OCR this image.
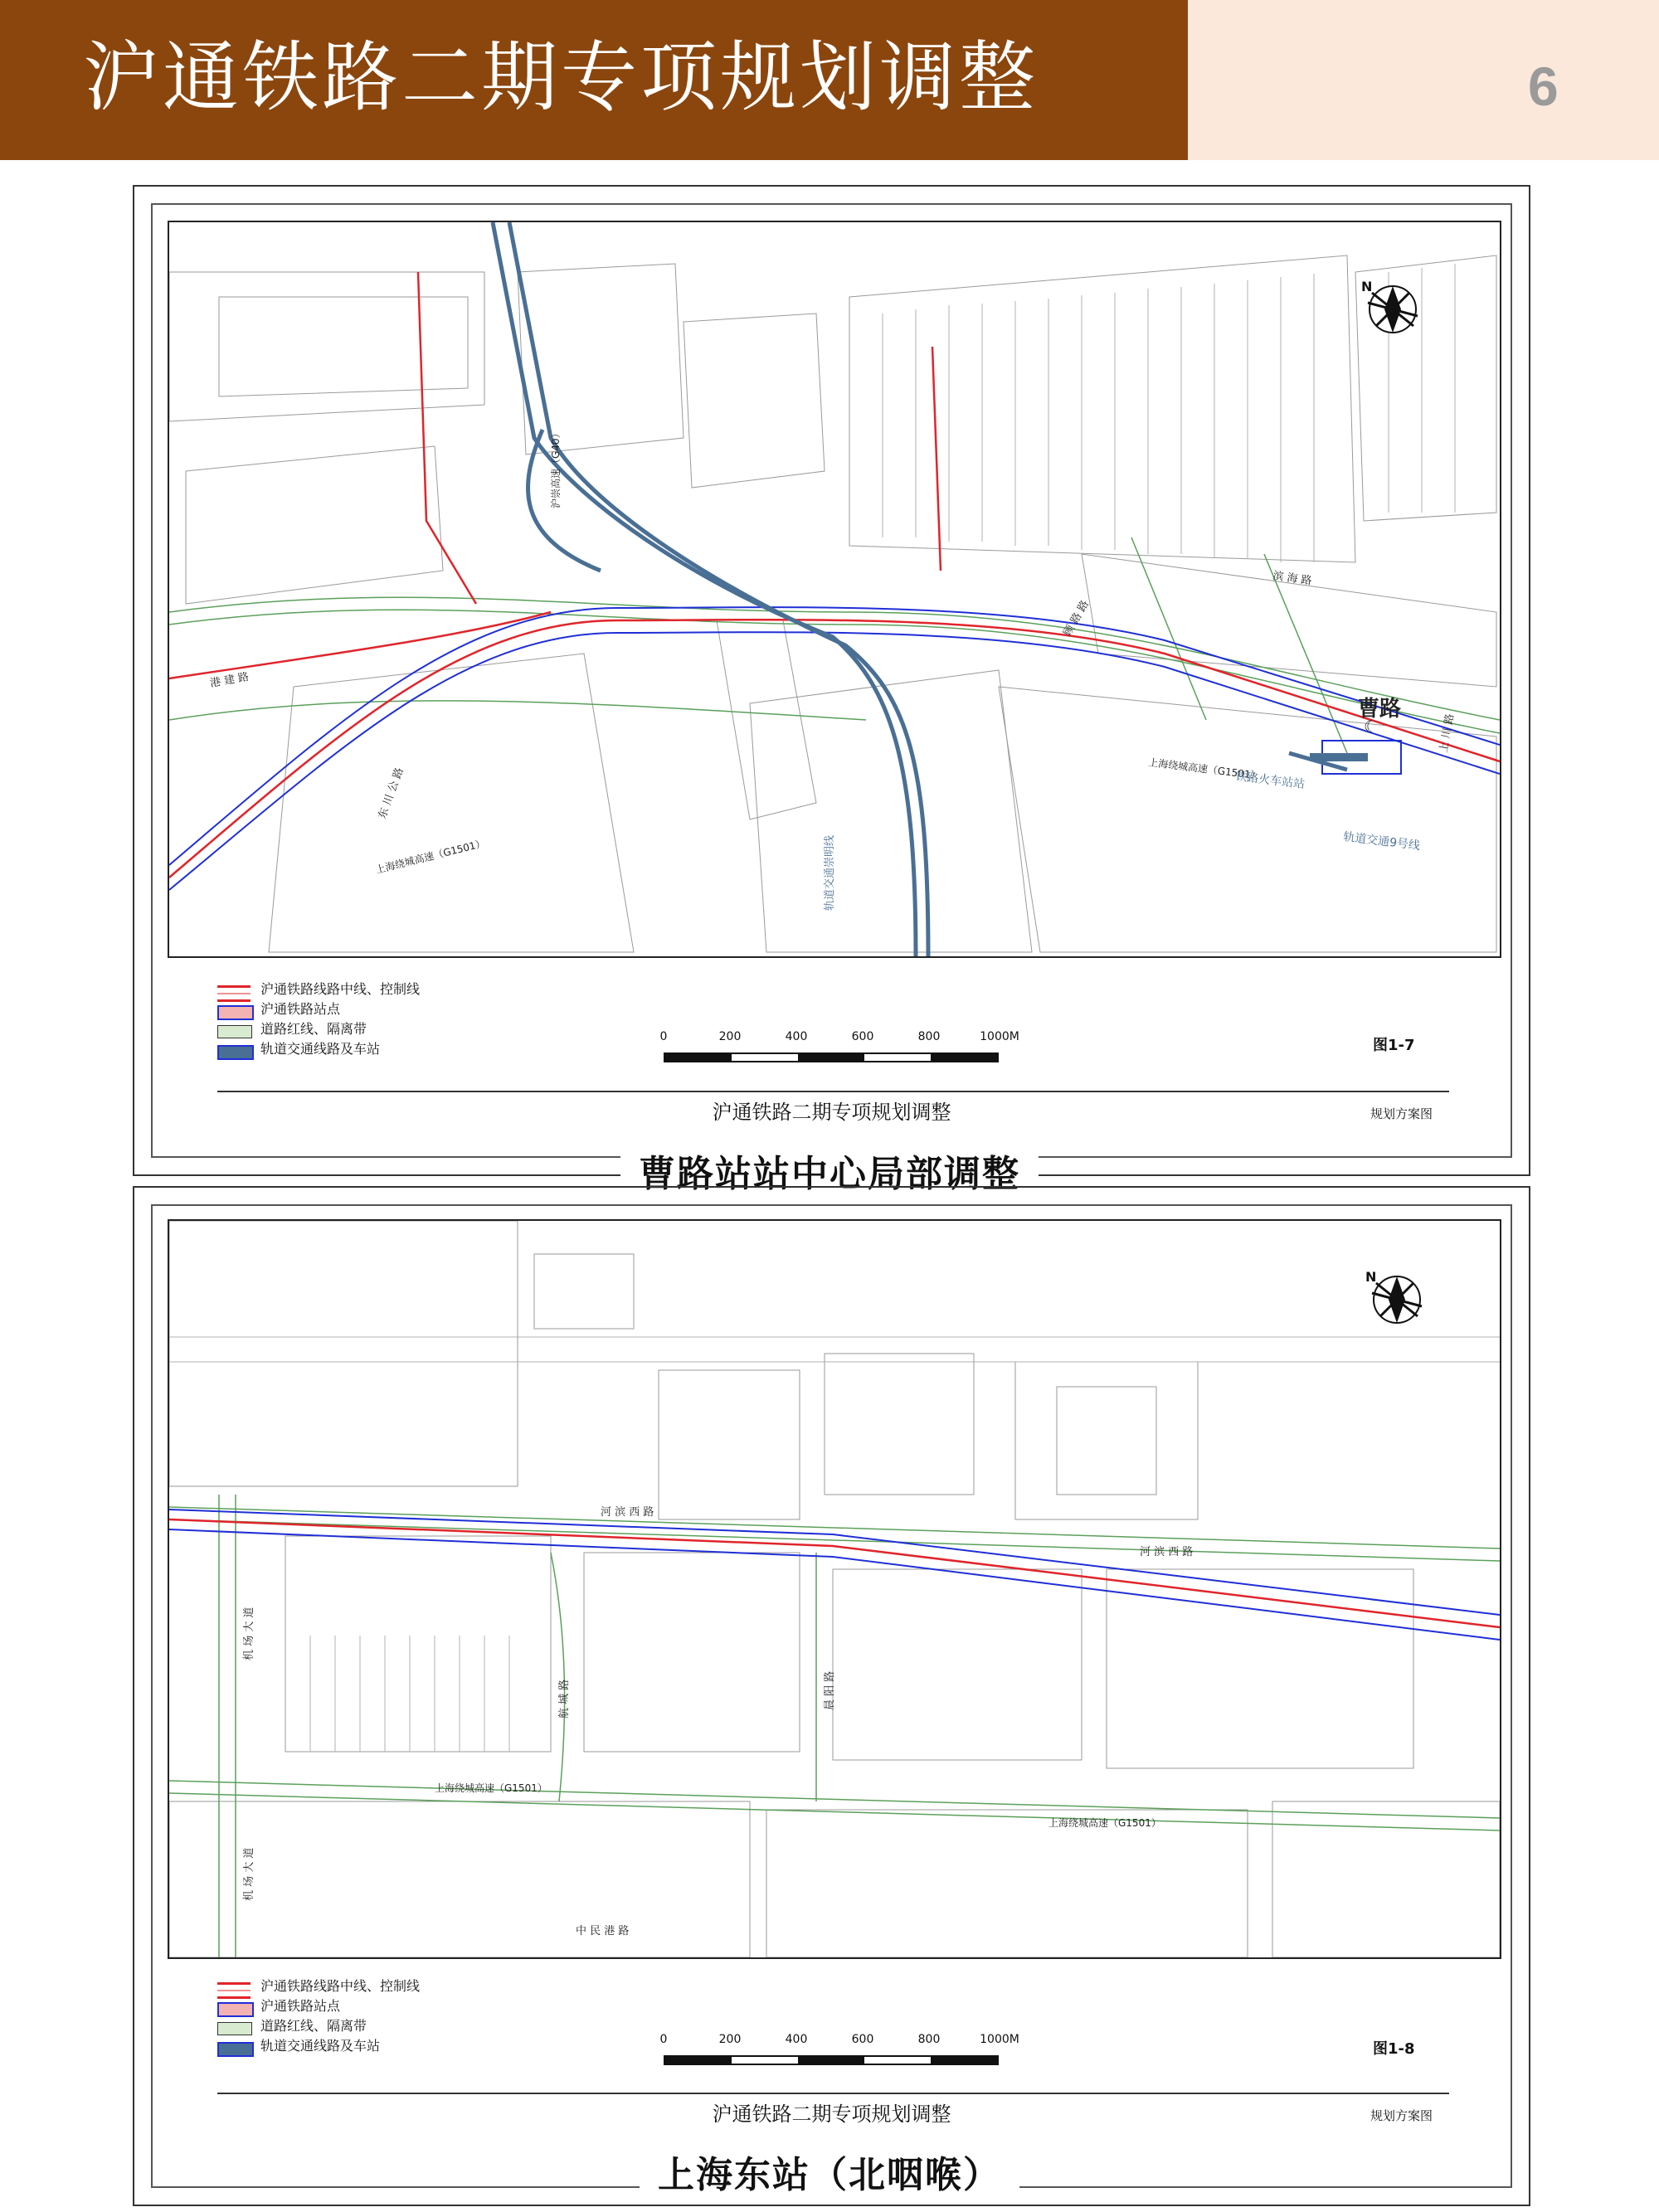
沪通铁路二期专项规划调整	6
N
曹路
☾
上海绕城高速（G1501）
上海绕城高速（G1501）
铁路火车站站
轨道交通9号线
沪崇高速（G40）
轨道交通崇明线
港 建 路
东 川 公 路
顾 路 路
滨 海 路
上 川 路
沪通铁路线路中线、控制线
沪通铁路站点
道路红线、隔离带
轨道交通线路及车站
0	200	400	600	800	1000M	图1-7
沪通铁路二期专项规划调整	规划方案图
曹路站站中心局部调整
N
河 滨 西 路
河 滨 西 路
上海绕城高速（G1501）
上海绕城高速（G1501）
机 场 大 道
机 场 大 道
航 城 路	晨 阳 路
中 民 港 路
沪通铁路线路中线、控制线
沪通铁路站点
道路红线、隔离带
轨道交通线路及车站	0	200	400	600	800	1000M
图1-8
沪通铁路二期专项规划调整	规划方案图
上海东站（北咽喉）
